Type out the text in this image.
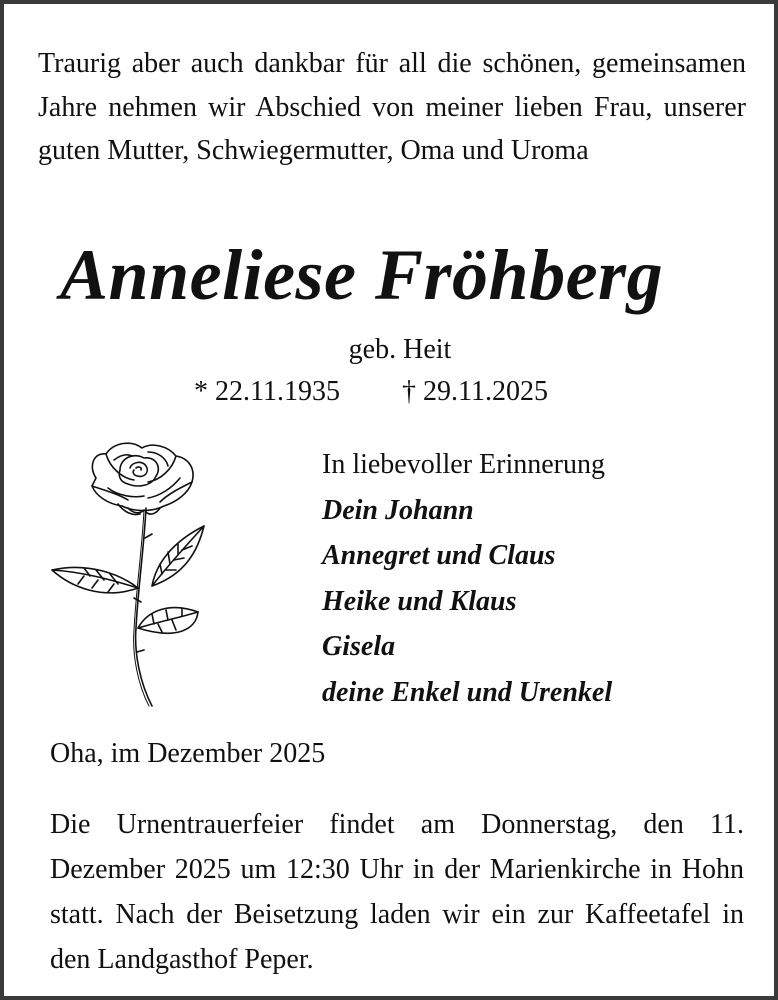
Traurig aber auch dankbar für all die schönen, gemeinsamen Jahre nehmen wir Abschied von meiner lieben Frau, unserer guten Mutter, Schwiegermutter, Oma und Uroma

Anneliese Fröhberg
geb. Heit
* 22.11.1935 † 29.11.2025
In liebevoller Erinnerung
Dein Johann
Annegret und Claus
Heike und Klaus
Gisela
deine Enkel und Urenkel
Oha, im Dezember 2025

Die Urnentrauerfeier findet am Donnerstag, den 11. Dezember 2025 um 12:30 Uhr in der Marienkirche in Hohn statt. Nach der Beisetzung laden wir ein zur Kaffeetafel in den Landgasthof Peper.
